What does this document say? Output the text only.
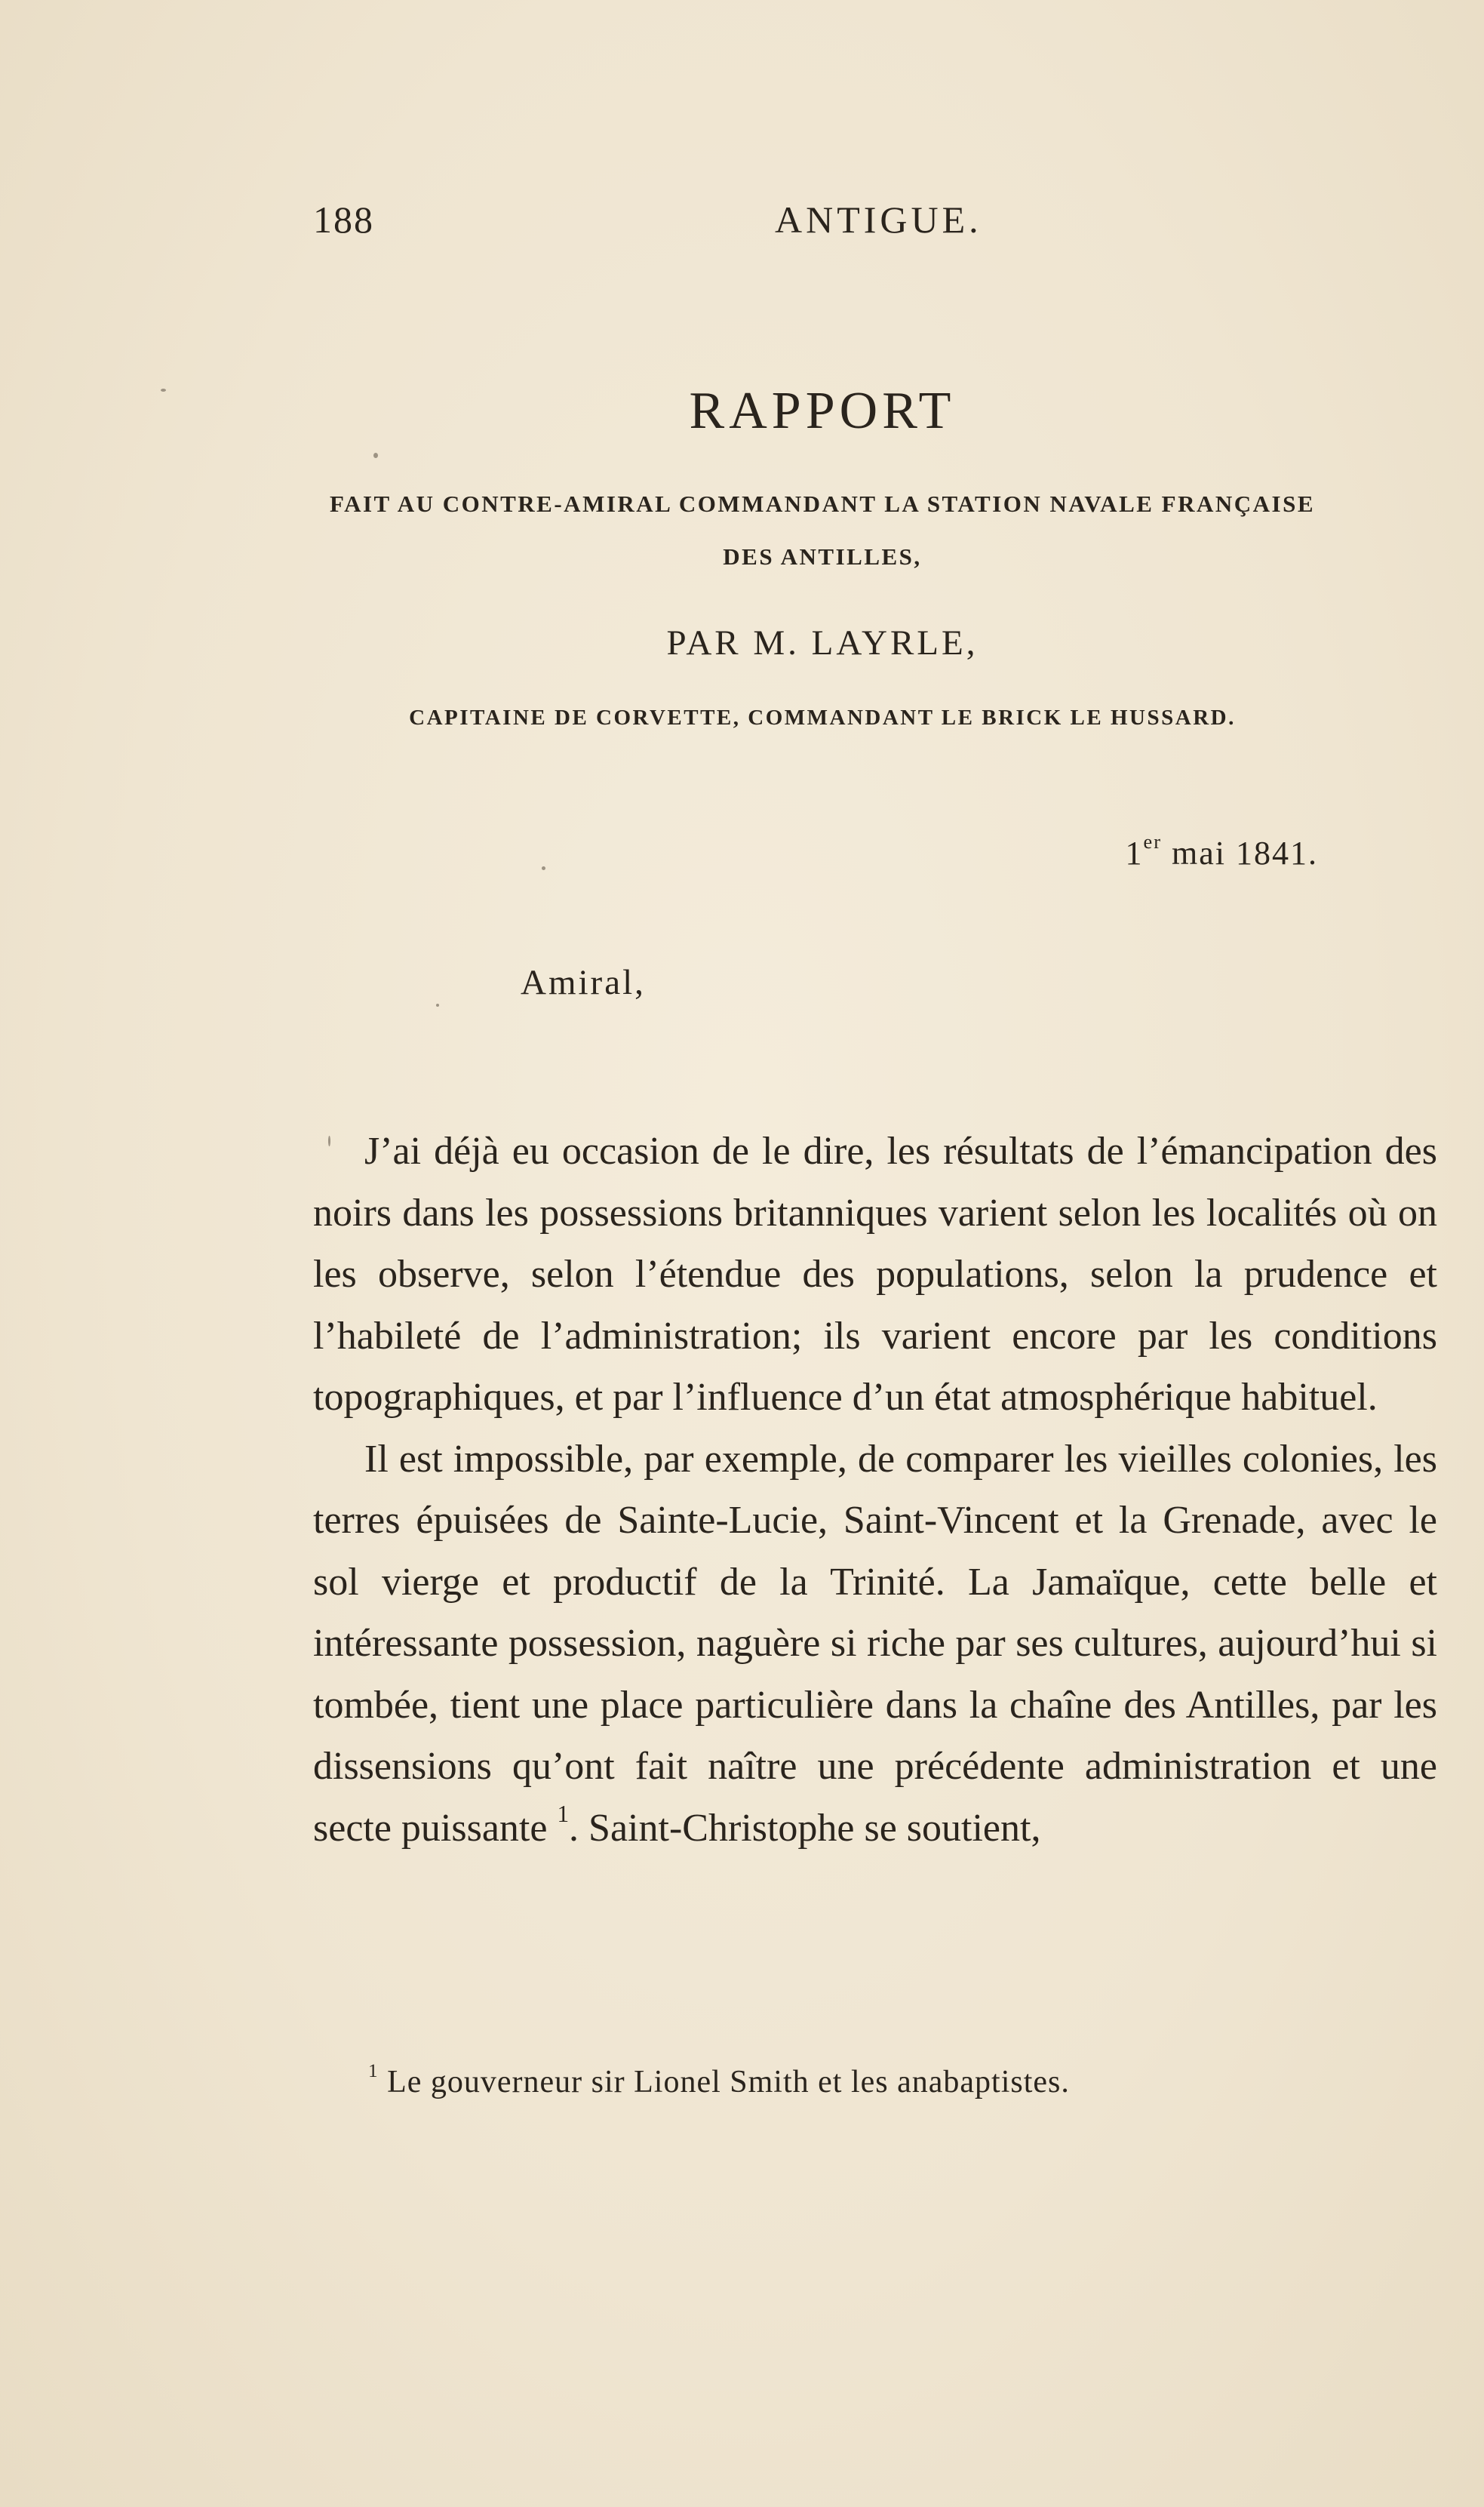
188	ANTIGUE.
RAPPORT
FAIT AU CONTRE-AMIRAL COMMANDANT LA STATION NAVALE FRANÇAISE
DES ANTILLES,
PAR M. LAYRLE,
CAPITAINE DE CORVETTE, COMMANDANT LE BRICK LE HUSSARD.
1er mai 1841.
Amiral,

J’ai déjà eu occasion de le dire, les résultats de l’émancipation des noirs dans les possessions britanniques varient selon les localités où on les observe, selon l’étendue des populations, selon la prudence et l’habileté de l’administration; ils varient encore par les conditions topographiques, et par l’influence d’un état atmosphérique habituel.

Il est impossible, par exemple, de comparer les vieilles colonies, les terres épuisées de Sainte-Lucie, Saint-Vincent et la Grenade, avec le sol vierge et productif de la Trinité. La Jamaïque, cette belle et intéressante possession, naguère si riche par ses cultures, aujourd’hui si tombée, tient une place particulière dans la chaîne des Antilles, par les dissensions qu’ont fait naître une précédente administration et une secte puissante $^1$. Saint-Christophe se soutient,

$^1$ Le gouverneur sir Lionel Smith et les anabaptistes.
